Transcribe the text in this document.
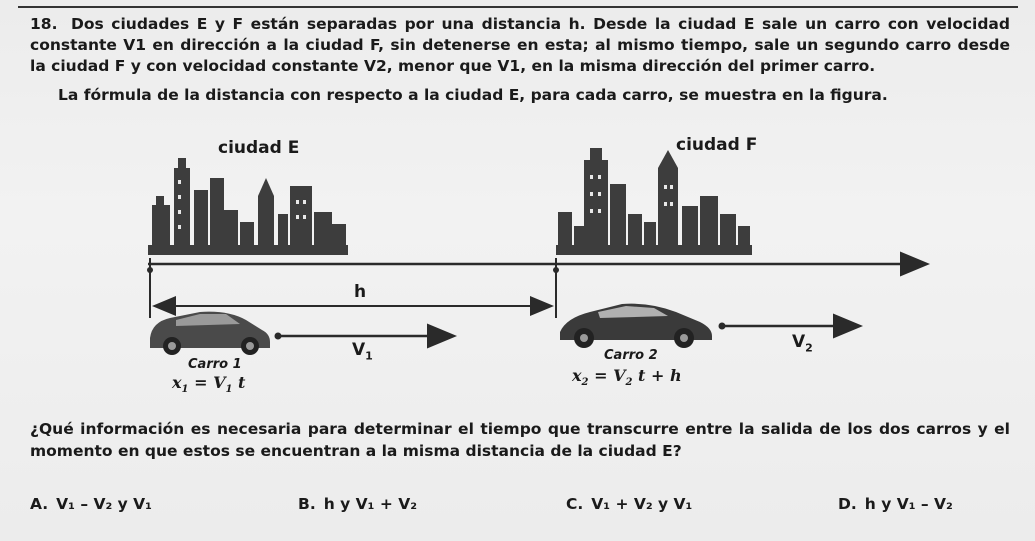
18. Dos ciudades E y F están separadas por una distancia h. Desde la ciudad E sale un carro con velocidad constante V1 en dirección a la ciudad F, sin detenerse en esta; al mismo tiempo, sale un segundo carro desde la ciudad F y con velocidad constante V2, menor que V1, en la misma dirección del primer carro.
La fórmula de la distancia con respecto a la ciudad E, para cada carro, se muestra en la figura.
ciudad E	ciudad F
h
$V_1$
$V_2$
Carro 1
Carro 2
$x_1 = V_1$ t	$x_2 = V_2$ t + h
¿Qué información es necesaria para determinar el tiempo que transcurre entre la salida de los dos carros y el momento en que estos se encuentran a la misma distancia de la ciudad E?
A. V₁ – V₂ y V₁	B. h y V₁ + V₂	C. V₁ + V₂ y V₁	D. h y V₁ – V₂
